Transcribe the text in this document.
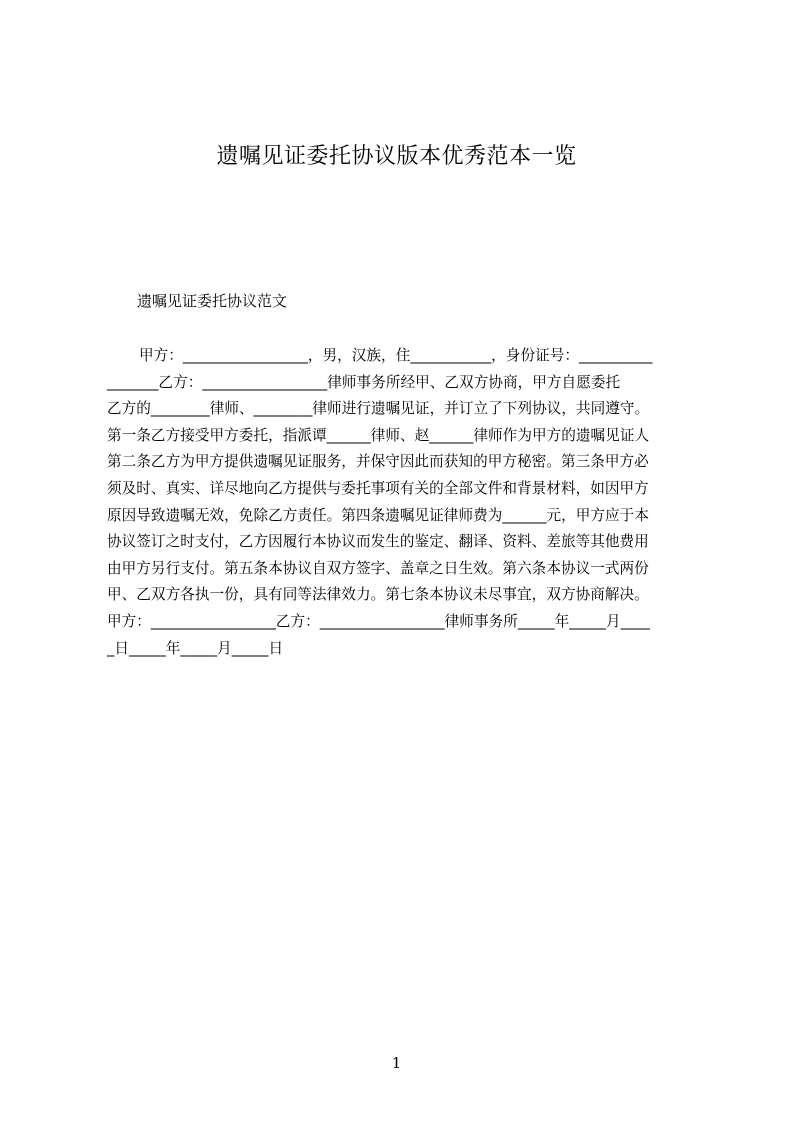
遗嘱见证委托协议版本优秀范本一览

遗嘱见证委托协议范文

甲方：_________________，男，汉族，住___________，身份证号：__________
_______乙方：_________________律师事务所经甲、乙双方协商，甲方自愿委托
乙方的________律师、________律师进行遗嘱见证，并订立了下列协议，共同遵守。
第一条乙方接受甲方委托，指派谭______律师、赵______律师作为甲方的遗嘱见证人
第二条乙方为甲方提供遗嘱见证服务，并保守因此而获知的甲方秘密。第三条甲方必
须及时、真实、详尽地向乙方提供与委托事项有关的全部文件和背景材料，如因甲方
原因导致遗嘱无效，免除乙方责任。第四条遗嘱见证律师费为______元，甲方应于本
协议签订之时支付，乙方因履行本协议而发生的鉴定、翻译、资料、差旅等其他费用
由甲方另行支付。第五条本协议自双方签字、盖章之日生效。第六条本协议一式两份
甲、乙双方各执一份，具有同等法律效力。第七条本协议未尽事宜，双方协商解决。
甲方：_________________乙方：_________________律师事务所_____年_____月____
_日_____年_____月_____日
1
